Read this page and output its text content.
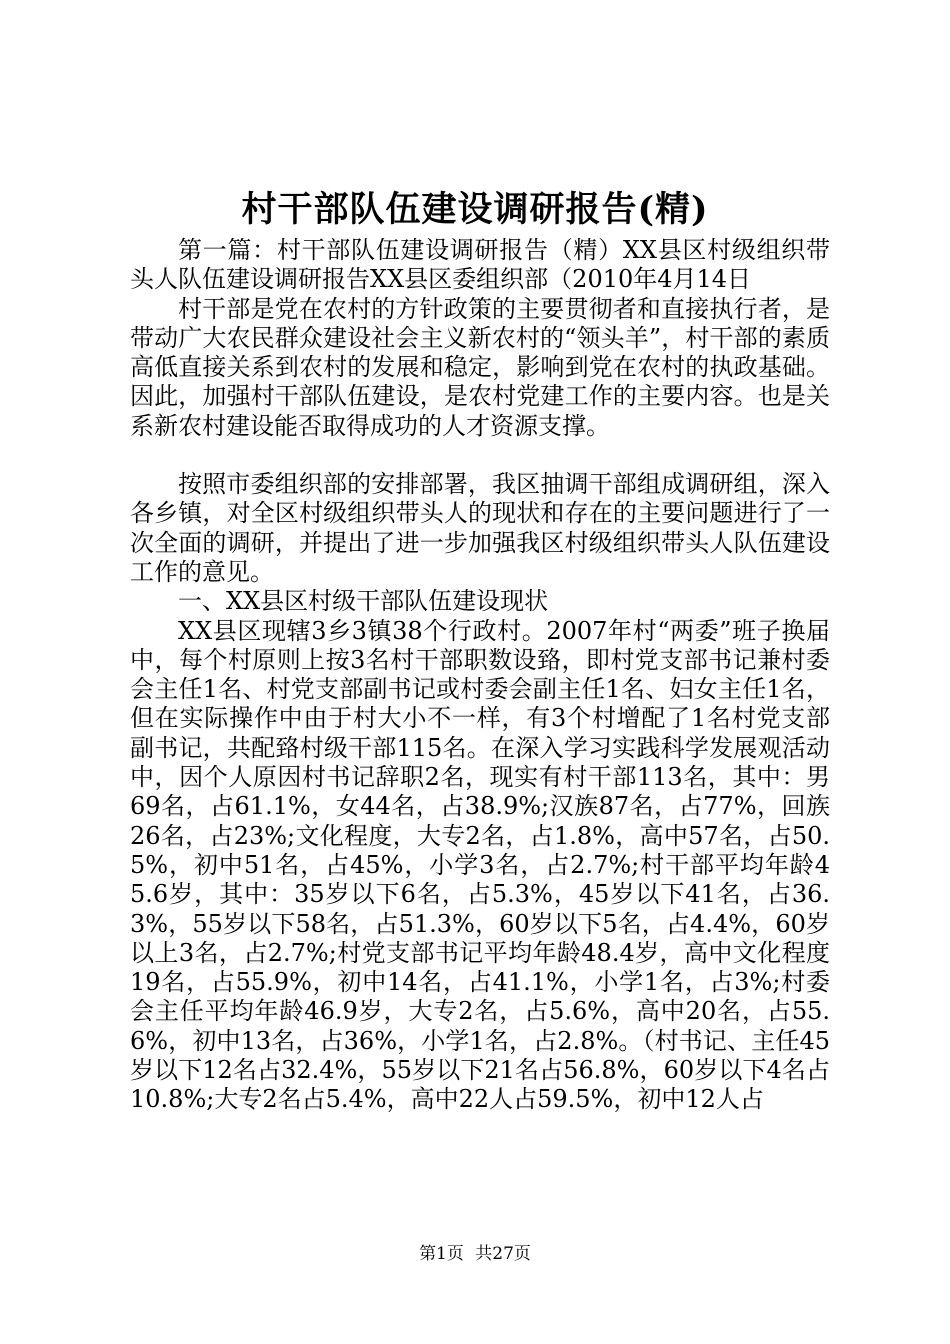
村干部队伍建设调研报告(精)

第一篇：村干部队伍建设调研报告（精）XX县区村级组织带头人队伍建设调研报告XX县区委组织部（2010年4月14日

村干部是党在农村的方针政策的主要贯彻者和直接执行者，是带动广大农民群众建设社会主义新农村的“领头羊”，村干部的素质高低直接关系到农村的发展和稳定，影响到党在农村的执政基础。因此，加强村干部队伍建设，是农村党建工作的主要内容。也是关系新农村建设能否取得成功的人才资源支撑。

按照市委组织部的安排部署，我区抽调干部组成调研组，深入各乡镇，对全区村级组织带头人的现状和存在的主要问题进行了一次全面的调研，并提出了进一步加强我区村级组织带头人队伍建设工作的意见。

一、XX县区村级干部队伍建设现状

XX县区现辖3乡3镇38个行政村。2007年村“两委”班子换届中，每个村原则上按3名村干部职数设臵，即村党支部书记兼村委会主任1名、村党支部副书记或村委会副主任1名、妇女主任1名，但在实际操作中由于村大小不一样，有3个村增配了1名村党支部副书记，共配臵村级干部115名。在深入学习实践科学发展观活动中，因个人原因村书记辞职2名，现实有村干部113名，其中：男69名，占61.1%，女44名，占38.9%;汉族87名，占77%，回族26名，占23%;文化程度，大专2名，占1.8%，高中57名，占50.5%，初中51名，占45%，小学3名，占2.7%;村干部平均年龄45.6岁，其中：35岁以下6名，占5.3%，45岁以下41名，占36.3%，55岁以下58名，占51.3%，60岁以下5名，占4.4%，60岁以上3名，占2.7%;村党支部书记平均年龄48.4岁，高中文化程度19名，占55.9%，初中14名，占41.1%，小学1名，占3%;村委会主任平均年龄46.9岁，大专2名，占5.6%，高中20名，占55.6%，初中13名，占36%，小学1名，占2.8%。（村书记、主任45岁以下12名占32.4%，55岁以下21名占56.8%，60岁以下4名占10.8%;大专2名占5.4%，高中22人占59.5%，初中12人占

第1页 共27页
